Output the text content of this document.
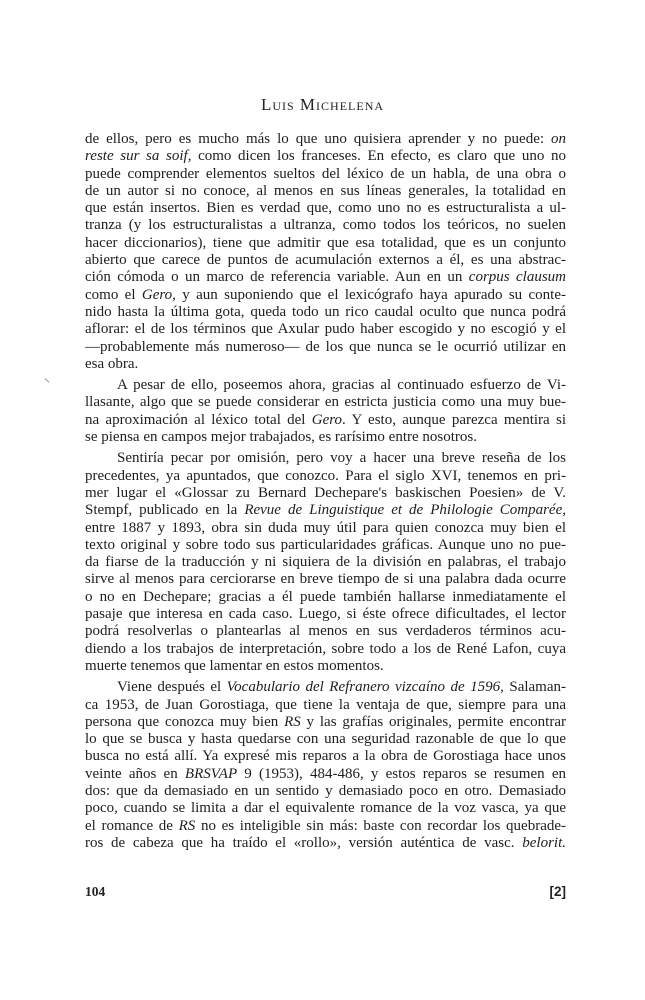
Luis Michelena
de ellos, pero es mucho más lo que uno quisiera aprender y no puede: on
reste sur sa soif, como dicen los franceses. En efecto, es claro que uno no
puede comprender elementos sueltos del léxico de un habla, de una obra o
de un autor si no conoce, al menos en sus líneas generales, la totalidad en
que están insertos. Bien es verdad que, como uno no es estructuralista a ul-
tranza (y los estructuralistas a ultranza, como todos los teóricos, no suelen
hacer diccionarios), tiene que admitir que esa totalidad, que es un conjunto
abierto que carece de puntos de acumulación externos a él, es una abstrac-
ción cómoda o un marco de referencia variable. Aun en un corpus clausum
como el Gero, y aun suponiendo que el lexicógrafo haya apurado su conte-
nido hasta la última gota, queda todo un rico caudal oculto que nunca podrá
aflorar: el de los términos que Axular pudo haber escogido y no escogió y el
—probablemente más numeroso— de los que nunca se le ocurrió utilizar en
esa obra.
A pesar de ello, poseemos ahora, gracias al continuado esfuerzo de Vi-
llasante, algo que se puede considerar en estricta justicia como una muy bue-
na aproximación al léxico total del Gero. Y esto, aunque parezca mentira si
se piensa en campos mejor trabajados, es rarísimo entre nosotros.
Sentiría pecar por omisión, pero voy a hacer una breve reseña de los
precedentes, ya apuntados, que conozco. Para el siglo XVI, tenemos en pri-
mer lugar el «Glossar zu Bernard Dechepare's baskischen Poesien» de V.
Stempf, publicado en la Revue de Linguistique et de Philologie Comparée,
entre 1887 y 1893, obra sin duda muy útil para quien conozca muy bien el
texto original y sobre todo sus particularidades gráficas. Aunque uno no pue-
da fiarse de la traducción y ni siquiera de la división en palabras, el trabajo
sirve al menos para cerciorarse en breve tiempo de si una palabra dada ocurre
o no en Dechepare; gracias a él puede también hallarse inmediatamente el
pasaje que interesa en cada caso. Luego, si éste ofrece dificultades, el lector
podrá resolverlas o plantearlas al menos en sus verdaderos términos acu-
diendo a los trabajos de interpretación, sobre todo a los de René Lafon, cuya
muerte tenemos que lamentar en estos momentos.
Viene después el Vocabulario del Refranero vizcaíno de 1596, Salaman-
ca 1953, de Juan Gorostiaga, que tiene la ventaja de que, siempre para una
persona que conozca muy bien RS y las grafías originales, permite encontrar
lo que se busca y hasta quedarse con una seguridad razonable de que lo que
busca no está allí. Ya expresé mis reparos a la obra de Gorostiaga hace unos
veinte años en BRSVAP 9 (1953), 484-486, y estos reparos se resumen en
dos: que da demasiado en un sentido y demasiado poco en otro. Demasiado
poco, cuando se limita a dar el equivalente romance de la voz vasca, ya que
el romance de RS no es inteligible sin más: baste con recordar los quebrade-
ros de cabeza que ha traído el «rollo», versión auténtica de vasc. belorit.
104	[2]
